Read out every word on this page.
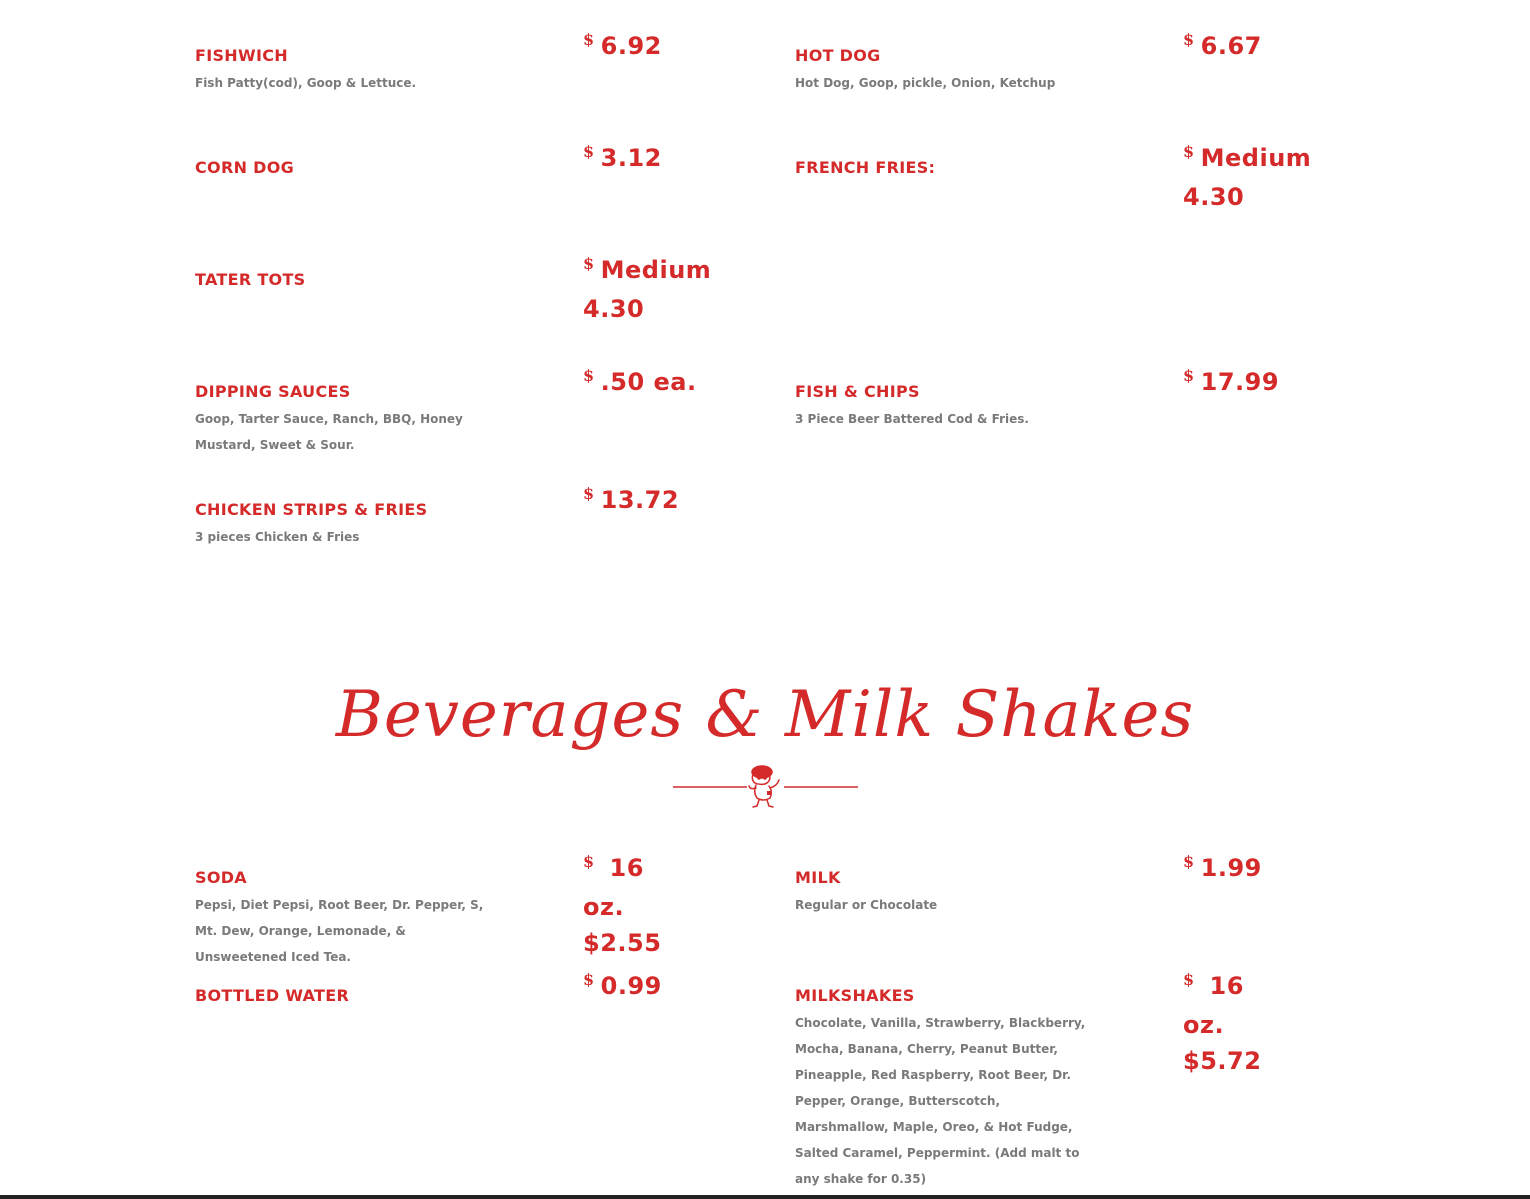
FISHWICH
Fish Patty(cod), Goop & Lettuce.
$ 6.92	HOT DOG
Hot Dog, Goop, pickle, Onion, Ketchup
$ 6.67
CORN DOG
$ 3.12	FRENCH FRIES:
$ Medium 4.30
TATER TOTS
$ Medium 4.30
DIPPING SAUCES
Goop, Tarter Sauce, Ranch, BBQ, Honey Mustard, Sweet & Sour.
$ .50 ea.	FISH & CHIPS
3 Piece Beer Battered Cod & Fries.
$ 17.99
CHICKEN STRIPS & FRIES
3 pieces Chicken & Fries
$ 13.72
Beverages & Milk Shakes
SODA
Pepsi, Diet Pepsi, Root Beer, Dr. Pepper, S, Mt. Dew, Orange, Lemonade, & Unsweetened Iced Tea.
$ 16 oz. $2.55
MILK
Regular or Chocolate
$ 1.99
BOTTLED WATER
$ 0.99	MILKSHAKES
Chocolate, Vanilla, Strawberry, Blackberry, Mocha, Banana, Cherry, Peanut Butter, Pineapple, Red Raspberry, Root Beer, Dr. Pepper, Orange, Butterscotch, Marshmallow, Maple, Oreo, & Hot Fudge, Salted Caramel, Peppermint. (Add malt to any shake for 0.35)
$ 16 oz. $5.72
